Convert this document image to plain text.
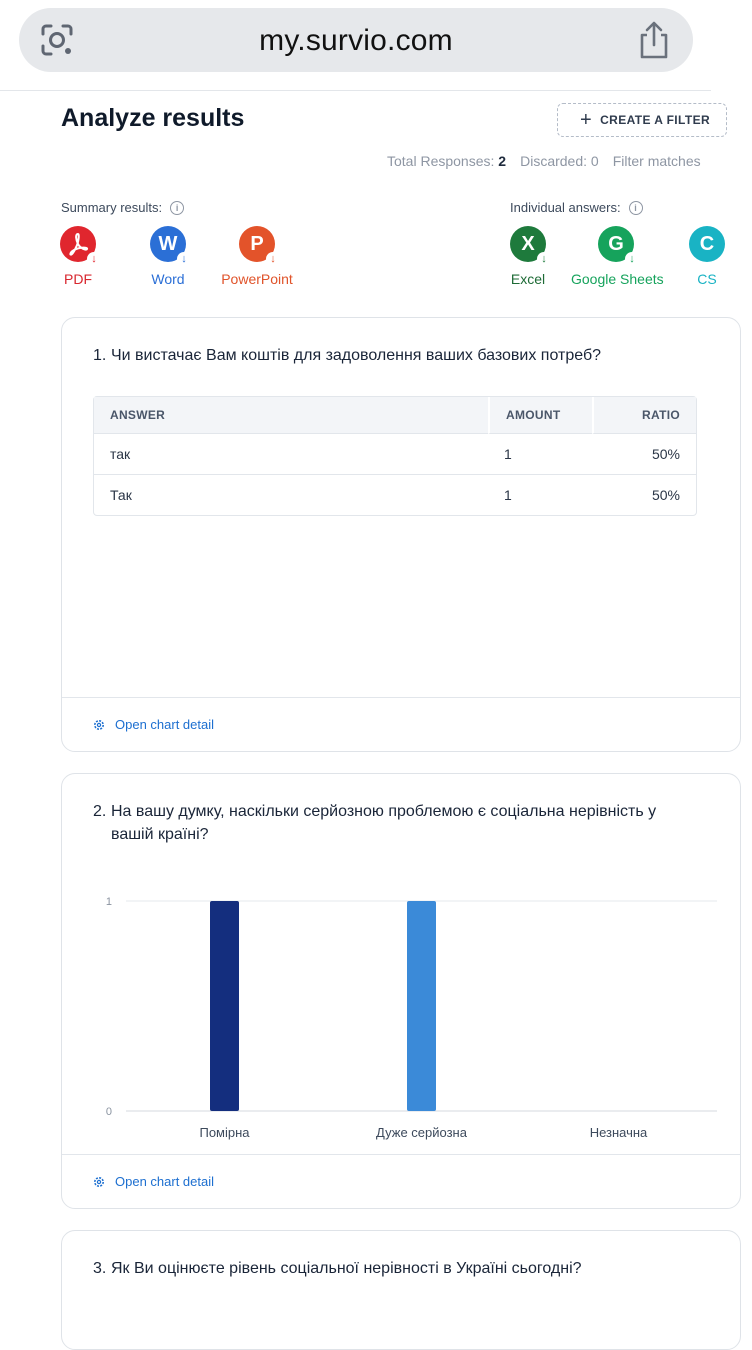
my.survio.com
Analyze results	+ CREATE A FILTER
Total Responses: 2 Discarded: 0 Filter matches
Summary results:	i
↓
PDF
W
↓
Word
P
↓
PowerPoint
Individual answers:	i
X
↓
Excel
G
↓
Google Sheets
C
CS
1. Чи вистачає Вам коштів для задоволення ваших базових потреб?
ANSWER	AMOUNT	RATIO
так	1	50%
Так	1	50%
Open chart detail
2. На вашу думку, наскільки серйозною проблемою є соціальна нерівність у вашій країні?
0
1
Помірна	Дуже серйозна	Незначна
Open chart detail
3. Як Ви оцінюєте рівень соціальної нерівності в Україні сьогодні?
